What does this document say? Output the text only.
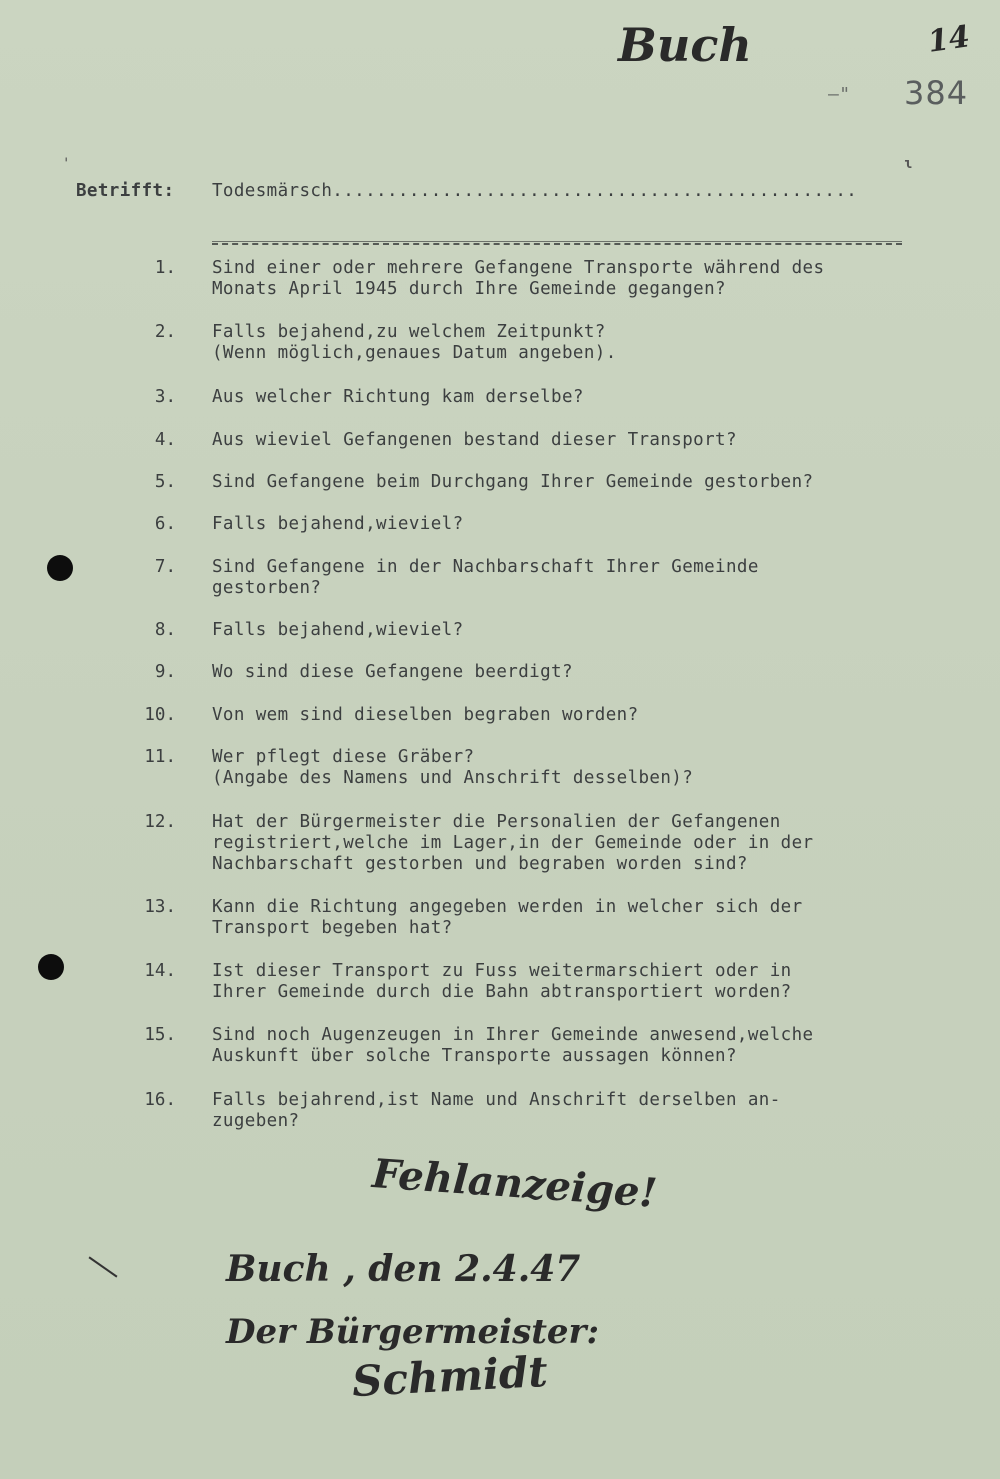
Buch	14
–" 384
'	ɩ
Betrifft: Todesmärsch................................................
1. Sind einer oder mehrere Gefangene Transporte während des
Monats April 1945 durch Ihre Gemeinde gegangen?
2. Falls bejahend,zu welchem Zeitpunkt?
(Wenn möglich,genaues Datum angeben).
3. Aus welcher Richtung kam derselbe?
4. Aus wieviel Gefangenen bestand dieser Transport?
5. Sind Gefangene beim Durchgang Ihrer Gemeinde gestorben?
6. Falls bejahend,wieviel?
7. Sind Gefangene in der Nachbarschaft Ihrer Gemeinde
gestorben?
8. Falls bejahend,wieviel?
9. Wo sind diese Gefangene beerdigt?
10. Von wem sind dieselben begraben worden?
11. Wer pflegt diese Gräber?
(Angabe des Namens und Anschrift desselben)?
12. Hat der Bürgermeister die Personalien der Gefangenen
registriert,welche im Lager,in der Gemeinde oder in der
Nachbarschaft gestorben und begraben worden sind?
13. Kann die Richtung angegeben werden in welcher sich der
Transport begeben hat?
14. Ist dieser Transport zu Fuss weitermarschiert oder in
Ihrer Gemeinde durch die Bahn abtransportiert worden?
15. Sind noch Augenzeugen in Ihrer Gemeinde anwesend,welche
Auskunft über solche Transporte aussagen können?
16. Falls bejahrend,ist Name und Anschrift derselben an-
zugeben?
Fehlanzeige!
Buch , den 2.4.47
Der Bürgermeister:
Schmidt
